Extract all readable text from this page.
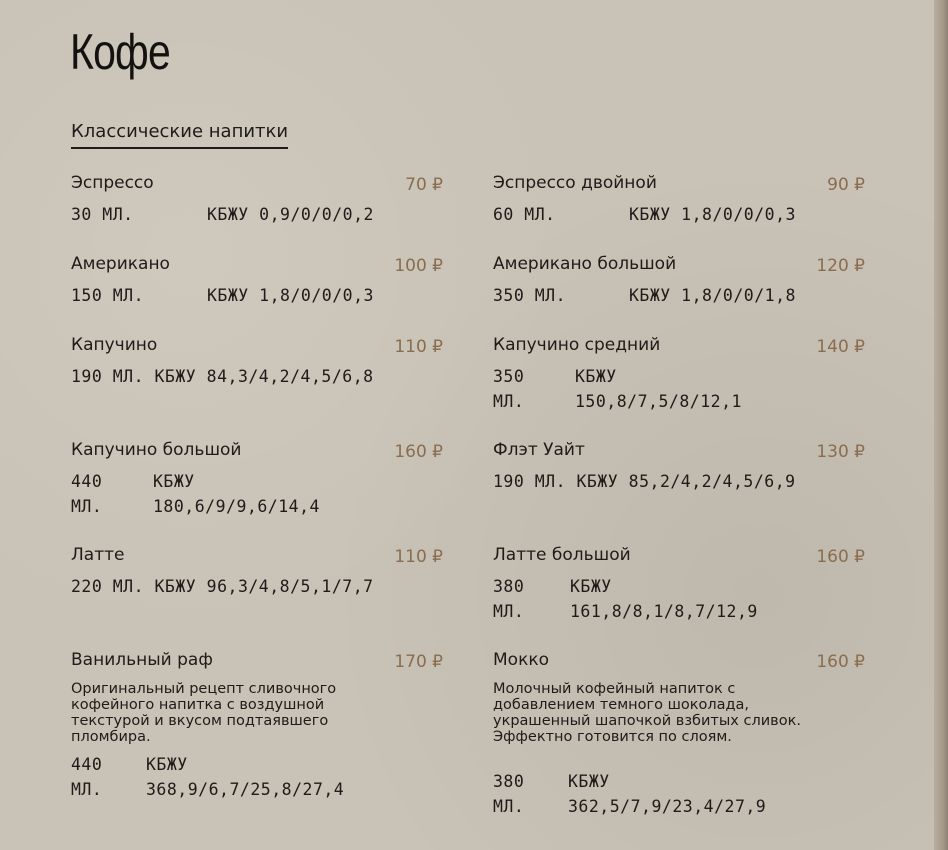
Кофе
Классические напитки
Эспрессо	70 ₽
30 МЛ.	КБЖУ 0,9/0/0/0,2
Эспрессо двойной	90 ₽
60 МЛ.	КБЖУ 1,8/0/0/0,3
Американо	100 ₽
150 МЛ.	КБЖУ 1,8/0/0/0,3
Американо большой	120 ₽
350 МЛ.	КБЖУ 1,8/0/0/1,8
Капучино	110 ₽
190 МЛ. КБЖУ 84,3/4,2/4,5/6,8
Капучино средний	140 ₽
350
МЛ.
КБЖУ
150,8/7,5/8/12,1
Капучино большой	160 ₽
440
МЛ.
КБЖУ
180,6/9/9,6/14,4
Флэт Уайт	130 ₽
190 МЛ. КБЖУ 85,2/4,2/4,5/6,9
Латте	110 ₽
220 МЛ. КБЖУ 96,3/4,8/5,1/7,7
Латте большой	160 ₽
380
МЛ.
КБЖУ
161,8/8,1/8,7/12,9
Ванильный раф	170 ₽
Оригинальный рецепт сливочного кофейного напитка с воздушной текстурой и вкусом подтаявшего пломбира.
440
МЛ.
КБЖУ
368,9/6,7/25,8/27,4
Мокко	160 ₽
Молочный кофейный напиток с добавлением темного шоколада, украшенный шапочкой взбитых сливок. Эффектно готовится по слоям.
380
МЛ.
КБЖУ
362,5/7,9/23,4/27,9
